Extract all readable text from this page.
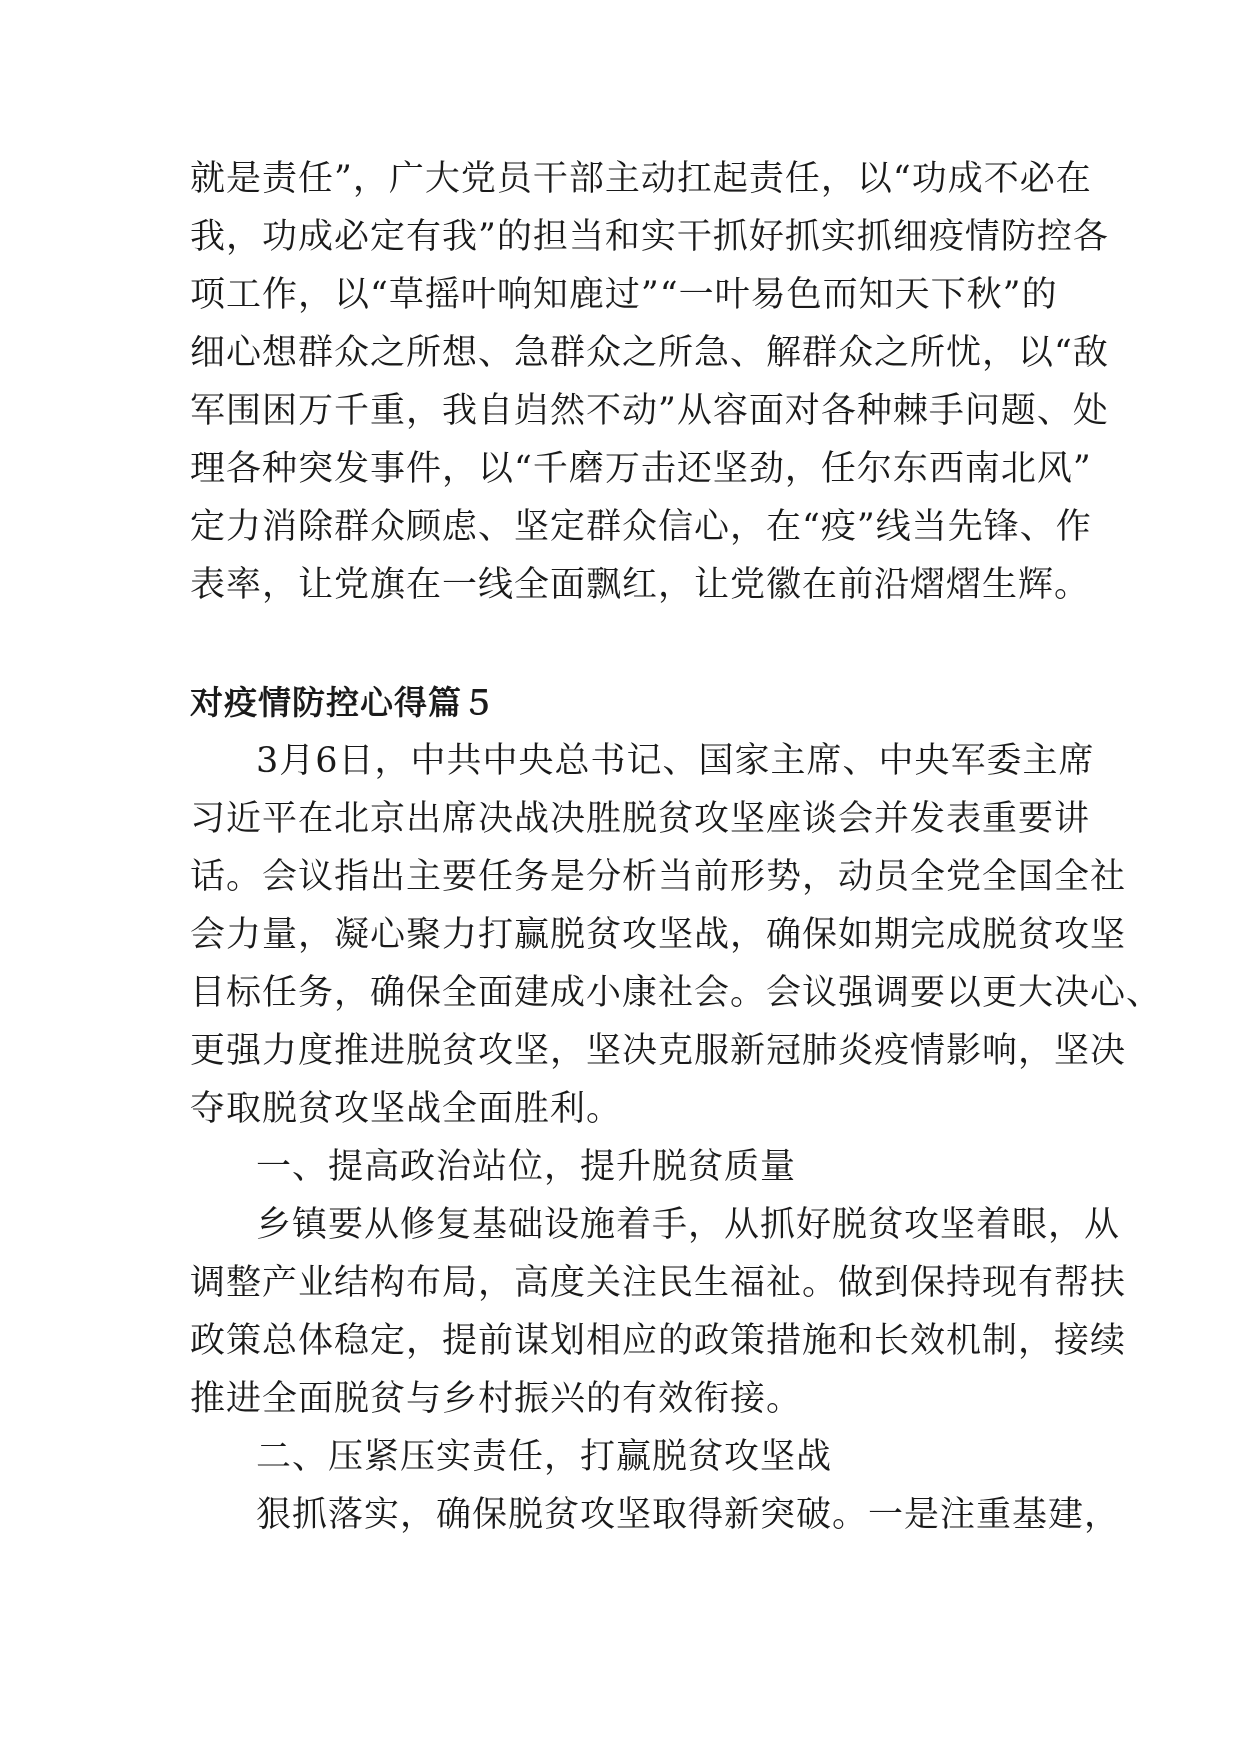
就是责任”，广大党员干部主动扛起责任，以“功成不必在
我，功成必定有我”的担当和实干抓好抓实抓细疫情防控各
项工作，以“草摇叶响知鹿过”“一叶易色而知天下秋”的
细心想群众之所想、急群众之所急、解群众之所忧，以“敌
军围困万千重，我自岿然不动”从容面对各种棘手问题、处
理各种突发事件，以“千磨万击还坚劲，任尔东西南北风”
定力消除群众顾虑、坚定群众信心，在“疫”线当先锋、作
表率，让党旗在一线全面飘红，让党徽在前沿熠熠生辉。

对疫情防控心得篇５

3月6日，中共中央总书记、国家主席、中央军委主席
习近平在北京出席决战决胜脱贫攻坚座谈会并发表重要讲
话。会议指出主要任务是分析当前形势，动员全党全国全社
会力量，凝心聚力打赢脱贫攻坚战，确保如期完成脱贫攻坚
目标任务，确保全面建成小康社会。会议强调要以更大决心、
更强力度推进脱贫攻坚，坚决克服新冠肺炎疫情影响，坚决
夺取脱贫攻坚战全面胜利。

一、提高政治站位，提升脱贫质量

乡镇要从修复基础设施着手，从抓好脱贫攻坚着眼，从
调整产业结构布局，高度关注民生福祉。做到保持现有帮扶
政策总体稳定，提前谋划相应的政策措施和长效机制，接续
推进全面脱贫与乡村振兴的有效衔接。

二、压紧压实责任，打赢脱贫攻坚战

狠抓落实，确保脱贫攻坚取得新突破。一是注重基建，
